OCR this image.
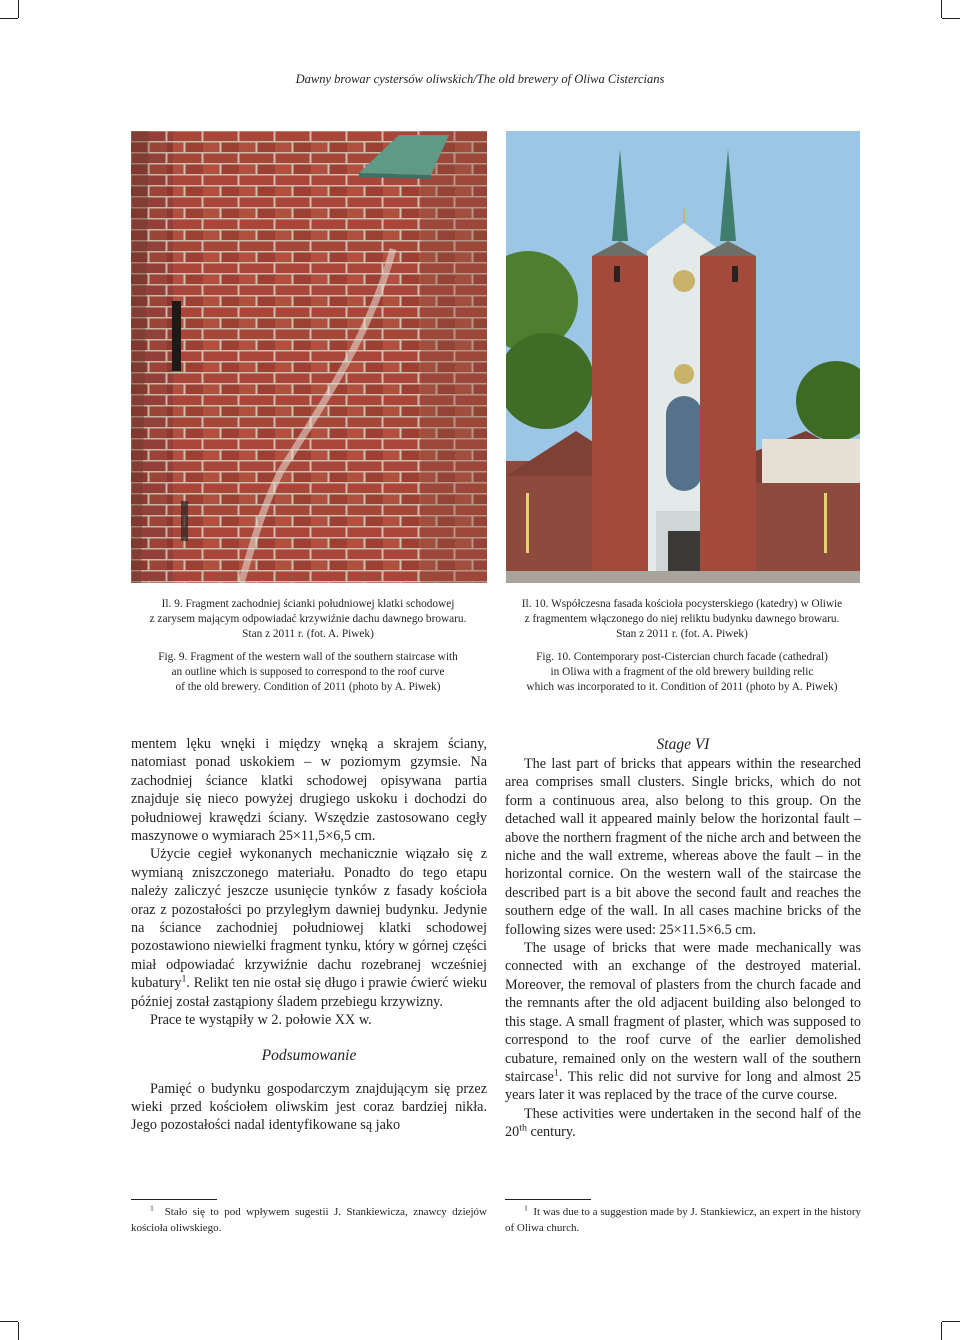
Dawny browar cystersów oliwskich/The old brewery of Oliwa Cistercians

Il. 9. Fragment zachodniej ścianki południowej klatki schodowej

z zarysem mającym odpowiadać krzywiźnie dachu dawnego browaru.

Stan z 2011 r. (fot. A. Piwek)

Fig. 9. Fragment of the western wall of the southern staircase with

an outline which is supposed to correspond to the roof curve

of the old brewery. Condition of 2011 (photo by A. Piwek)

Il. 10. Współczesna fasada kościoła pocysterskiego (katedry) w Oliwie

z fragmentem włączonego do niej reliktu budynku dawnego browaru.

Stan z 2011 r. (fot. A. Piwek)

Fig. 10. Contemporary post-Cistercian church facade (cathedral)

in Oliwa with a fragment of the old brewery building relic

which was incorporated to it. Condition of 2011 (photo by A. Piwek)

mentem lęku wnęki i między wnęką a skrajem ściany, natomiast ponad uskokiem – w poziomym gzymsie. Na zachodniej ściance klatki schodowej opisywana partia znajduje się nieco powyżej drugiego uskoku i dochodzi do południowej krawędzi ściany. Wszędzie zastosowano cegły maszynowe o wymiarach 25×11,5×6,5 cm.

Użycie cegieł wykonanych mechanicznie wiązało się z wymianą zniszczonego materiału. Ponadto do tego etapu należy zaliczyć jeszcze usunięcie tynków z fasady kościoła oraz z pozostałości po przyległym dawniej budynku. Jedynie na ściance zachodniej południowej klatki schodowej pozostawiono niewielki fragment tynku, który w górnej części miał odpowiadać krzywiźnie dachu rozebranej wcześniej kubatury$^1$. Relikt ten nie ostał się długo i prawie ćwierć wieku później został zastąpiony śladem przebiegu krzywizny.

Prace te wystąpiły w 2. połowie XX w.

Podsumowanie

Pamięć o budynku gospodarczym znajdującym się przez wieki przed kościołem oliwskim jest coraz bardziej nikła. Jego pozostałości nadal identyfikowane są jako

Stage VI

The last part of bricks that appears within the researched area comprises small clusters. Single bricks, which do not form a continuous area, also belong to this group. On the detached wall it appeared mainly below the horizontal fault – above the northern fragment of the niche arch and between the niche and the wall extreme, whereas above the fault – in the horizontal cornice. On the western wall of the staircase the described part is a bit above the second fault and reaches the southern edge of the wall. In all cases machine bricks of the following sizes were used: 25×11.5×6.5 cm.

The usage of bricks that were made mechanically was connected with an exchange of the destroyed material. Moreover, the removal of plasters from the church facade and the remnants after the old adjacent building also belonged to this stage. A small fragment of plaster, which was supposed to correspond to the roof curve of the earlier demolished cubature, remained only on the western wall of the southern staircase$^1$. This relic did not survive for long and almost 25 years later it was replaced by the trace of the curve course.

These activities were undertaken in the second half of the 20th century.

$^1$ Stało się to pod wpływem sugestii J. Stankiewicza, znawcy dziejów kościoła oliwskiego.

$^1$ It was due to a suggestion made by J. Stankiewicz, an expert in the history of Oliwa church.
